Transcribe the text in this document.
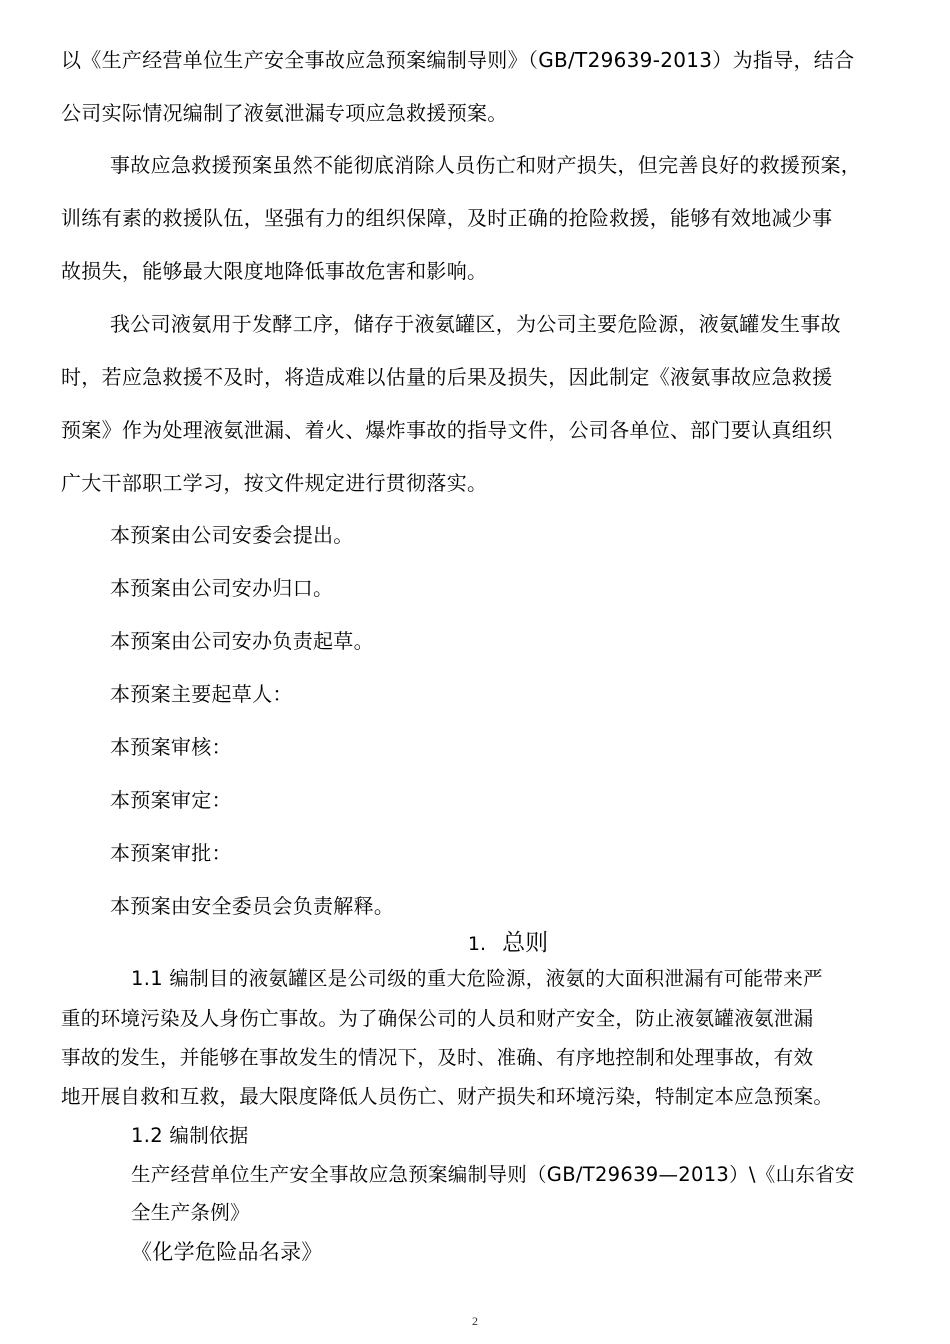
以《生产经营单位生产安全事故应急预案编制导则》（GB/T29639-2013）为指导，结合
公司实际情况编制了液氨泄漏专项应急救援预案。
事故应急救援预案虽然不能彻底消除人员伤亡和财产损失，但完善良好的救援预案，
训练有素的救援队伍，坚强有力的组织保障，及时正确的抢险救援，能够有效地减少事
故损失，能够最大限度地降低事故危害和影响。
我公司液氨用于发酵工序，储存于液氨罐区，为公司主要危险源，液氨罐发生事故
时，若应急救援不及时，将造成难以估量的后果及损失，因此制定《液氨事故应急救援
预案》作为处理液氨泄漏、着火、爆炸事故的指导文件，公司各单位、部门要认真组织
广大干部职工学习，按文件规定进行贯彻落实。
本预案由公司安委会提出。
本预案由公司安办归口。
本预案由公司安办负责起草。
本预案主要起草人：
本预案审核：
本预案审定：
本预案审批：
本预案由安全委员会负责解释。
1. 总则
1.1 编制目的液氨罐区是公司级的重大危险源，液氨的大面积泄漏有可能带来严
重的环境污染及人身伤亡事故。为了确保公司的人员和财产安全，防止液氨罐液氨泄漏
事故的发生，并能够在事故发生的情况下，及时、准确、有序地控制和处理事故，有效
地开展自救和互救，最大限度降低人员伤亡、财产损失和环境污染，特制定本应急预案。
1.2 编制依据
生产经营单位生产安全事故应急预案编制导则（GB/T29639—2013）\《山东省安
全生产条例》
《化学危险品名录》
2
